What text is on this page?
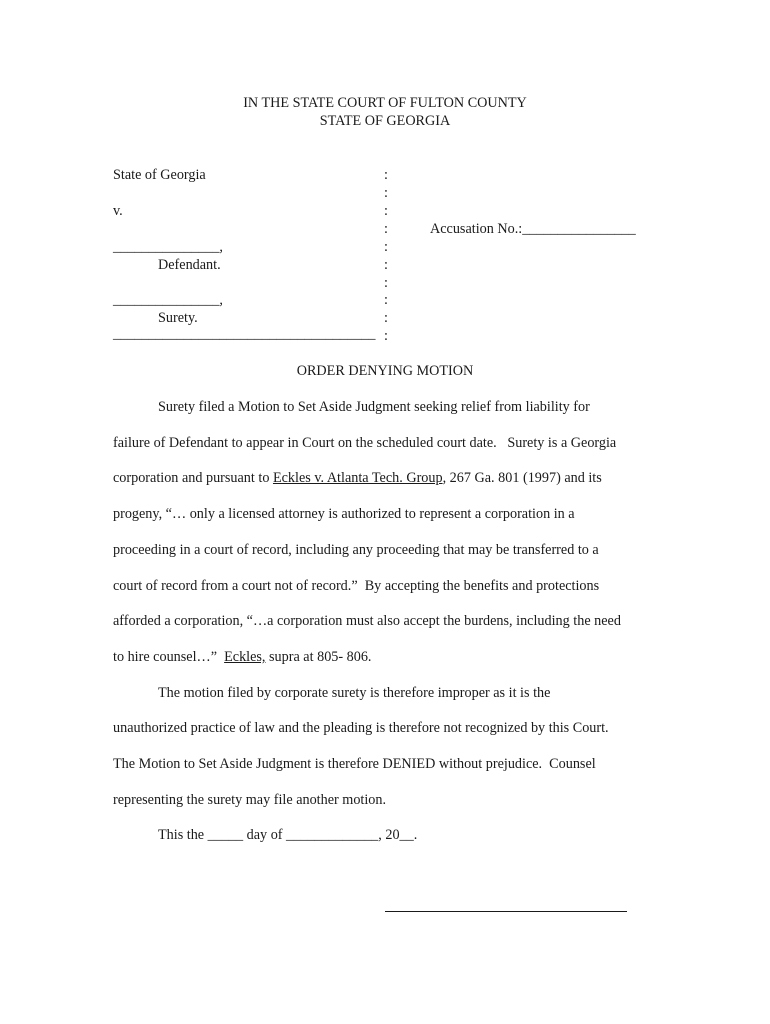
IN THE STATE COURT OF FULTON COUNTY
STATE OF GEORGIA
State of Georgia
v.
_______________,
Defendant.
_______________,
Surety.
_____________________________________
:
:
:
:
:
:
:
:
:
:
Accusation No.:________________
ORDER DENYING MOTION
Surety filed a Motion to Set Aside Judgment seeking relief from liability for
failure of Defendant to appear in Court on the scheduled court date.   Surety is a Georgia
corporation and pursuant to Eckles v. Atlanta Tech. Group, 267 Ga. 801 (1997) and its
progeny, “… only a licensed attorney is authorized to represent a corporation in a
proceeding in a court of record, including any proceeding that may be transferred to a
court of record from a court not of record.”  By accepting the benefits and protections
afforded a corporation, “…a corporation must also accept the burdens, including the need
to hire counsel…”  Eckles, supra at 805- 806.
The motion filed by corporate surety is therefore improper as it is the
unauthorized practice of law and the pleading is therefore not recognized by this Court.
The Motion to Set Aside Judgment is therefore DENIED without prejudice.  Counsel
representing the surety may file another motion.
This the _____ day of _____________, 20__.
